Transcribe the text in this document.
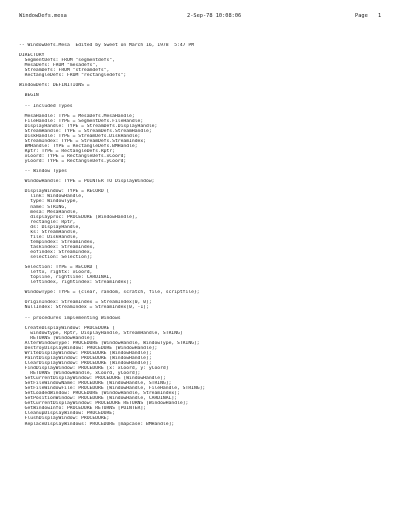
WindowDefs.mesa	2-Sep-78 10:08:06	Page 1
-- WindowDefs.Mesa  Edited by Sweet on March 16, 1978  5:47 PM
DIRECTORY
SegmentDefs: FROM "segmentdefs",
MesaDefs: FROM "mesadefs",
StreamDefs: FROM "streamdefs",
RectangleDefs: FROM "rectangledefs";
WindowDefs: DEFINITIONS =
BEGIN
-- Included Types
MesaHandle: TYPE = MesaDefs.MesaHandle;
FileHandle: TYPE = SegmentDefs.FileHandle;
DisplayHandle: TYPE = StreamDefs.DisplayHandle;
StreamHandle: TYPE = StreamDefs.StreamHandle;
DiskHandle: TYPE = StreamDefs.DiskHandle;
StreamIndex: TYPE = StreamDefs.StreamIndex;
BMHandle: TYPE = RectangleDefs.BMHandle;
Rptr: TYPE = RectangleDefs.Rptr;
xCoord: TYPE = RectangleDefs.xCoord;
yCoord: TYPE = RectangleDefs.yCoord;
-- Window Types
WindowHandle: TYPE = POINTER TO DisplayWindow;
DisplayWindow: TYPE = RECORD [
link: WindowHandle,
type: WindowType,
name: STRING,
mesa: MesaHandle,
displayproc: PROCEDURE [WindowHandle],
rectangle: Rptr,
ds: DisplayHandle,
ks: StreamHandle,
file: DiskHandle,
tempindex: StreamIndex,
taskindex: StreamIndex,
eofindex: StreamIndex,
selection: Selection];
Selection: TYPE = RECORD [
leftx, rightx: xCoord,
topline, rightline: CARDINAL,
leftindex, rightindex: StreamIndex];
WindowType: TYPE = {clear, random, scratch, file, scriptfile};
OriginIndex: StreamIndex = StreamIndex[0, 0];
NullIndex: StreamIndex = StreamIndex[0, -1];
-- procedures implementing Windows
CreateDisplayWindow: PROCEDURE [
windowtype, Rptr, DisplayHandle, StreamHandle, STRING]
RETURNS [WindowHandle];
AlterWindowType: PROCEDURE [WindowHandle, WindowType, STRING];
DestroyDisplayWindow: PROCEDURE [WindowHandle];
WriteDisplayWindow: PROCEDURE [WindowHandle];
PaintDisplayWindow: PROCEDURE [WindowHandle];
ClearDisplayWindow: PROCEDURE [WindowHandle];
FindDisplayWindow: PROCEDURE [x: xCoord, y: yCoord]
RETURNS [WindowHandle, xCoord, yCoord];
SetCurrentDisplayWindow: PROCEDURE [WindowHandle];
SetFileWindowName: PROCEDURE [WindowHandle, STRING];
SetFileWindowFile: PROCEDURE [WindowHandle, FileHandle, STRING];
SetLoadedWindow: PROCEDURE [WindowHandle, StreamIndex];
SetPositionWindow: PROCEDURE [WindowHandle, CARDINAL];
GetCurrentDisplayWindow: PROCEDURE RETURNS [WindowHandle];
GetWindowInfo: PROCEDURE RETURNS [POINTER];
CleanupDisplayWindow: PROCEDURE;
FlushDisplayWindow: PROCEDURE;
ReplaceDisplayWindows: PROCEDURE [mapcase: BMHandle];
